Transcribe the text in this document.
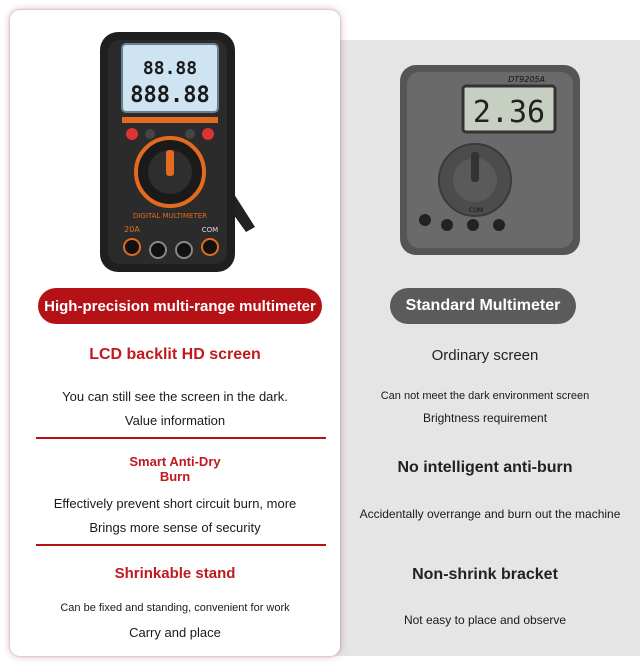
88.88
888.88
DIGITAL MULTIMETER
20A	COM
DT9205A
2.36
COM
High-precision multi-range multimeter	Standard Multimeter
LCD backlit HD screen
You can still see the screen in the dark.
Value information
Smart Anti-Dry
Burn
Effectively prevent short circuit burn, more
Brings more sense of security
Shrinkable stand
Can be fixed and standing, convenient for work
Carry and place
Ordinary screen
Can not meet the dark environment screen
Brightness requirement
No intelligent anti-burn
Accidentally overrange and burn out the machine
Non-shrink bracket
Not easy to place and observe
